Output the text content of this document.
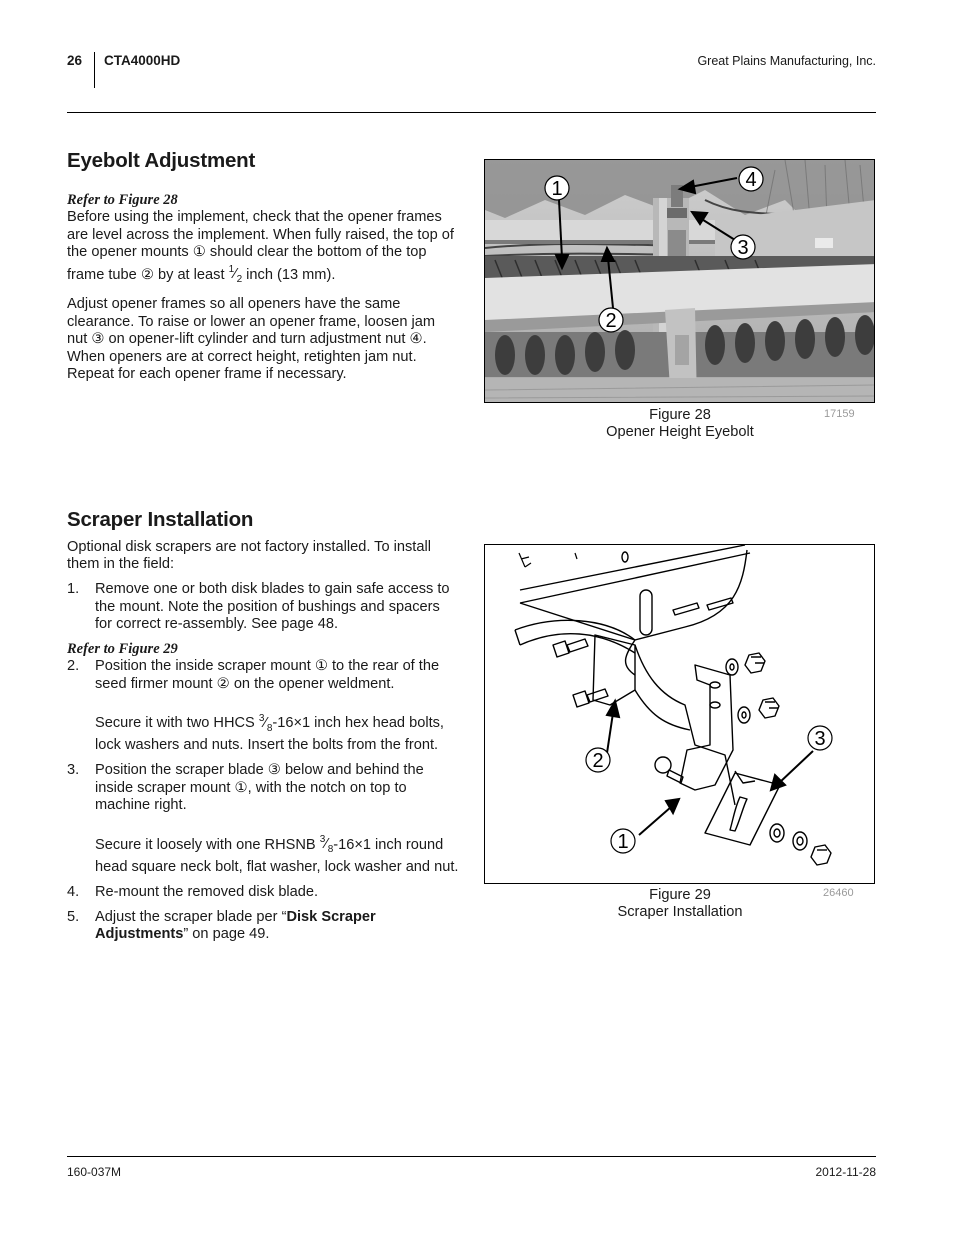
26 CTA4000HD	Great Plains Manufacturing, Inc.
Eyebolt Adjustment
Refer to Figure 28

Before using the implement, check that the opener frames are level across the implement. When fully raised, the top of the opener mounts ① should clear the bottom of the top frame tube ② by at least $^1⁄_2$ inch (13 mm).

Adjust opener frames so all openers have the same clearance. To raise or lower an opener frame, loosen jam nut ③ on opener-lift cylinder and turn adjustment nut ④. When openers are at correct height, retighten jam nut. Repeat for each opener frame if necessary.

1
2
3
4
Figure 28
Opener Height Eyebolt
17159
Scraper Installation

Optional disk scrapers are not factory installed. To install them in the field:

1. Remove one or both disk blades to gain safe access to the mount. Note the position of bushings and spacers for correct re-assembly. See page 48.
Refer to Figure 29
2. Position the inside scraper mount ① to the rear of the seed firmer mount ② on the opener weldment.
Secure it with two HHCS $^3⁄_8-16\times 1$ inch hex head bolts, lock washers and nuts. Insert the bolts from the front.
3. Position the scraper blade ③ below and behind the inside scraper mount ①, with the notch on top to machine right.
Secure it loosely with one RHSNB $^3⁄_8-16\times 1$ inch round head square neck bolt, flat washer, lock washer and nut.
4. Re-mount the removed disk blade.
5. Adjust the scraper blade per “Disk Scraper Adjustments” on page 49.
2
3
1
Figure 29
Scraper Installation
26460
160-037M	2012-11-28
